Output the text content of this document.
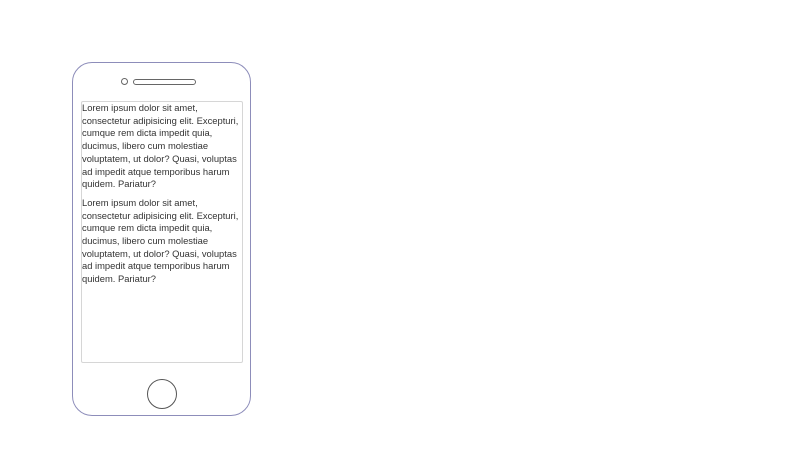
Lorem ipsum dolor sit amet, consectetur adipisicing elit. Excepturi, cumque rem dicta impedit quia, ducimus, libero cum molestiae voluptatem, ut dolor? Quasi, voluptas ad impedit atque temporibus harum quidem. Pariatur?

Lorem ipsum dolor sit amet, consectetur adipisicing elit. Excepturi, cumque rem dicta impedit quia, ducimus, libero cum molestiae voluptatem, ut dolor? Quasi, voluptas ad impedit atque temporibus harum quidem. Pariatur?
